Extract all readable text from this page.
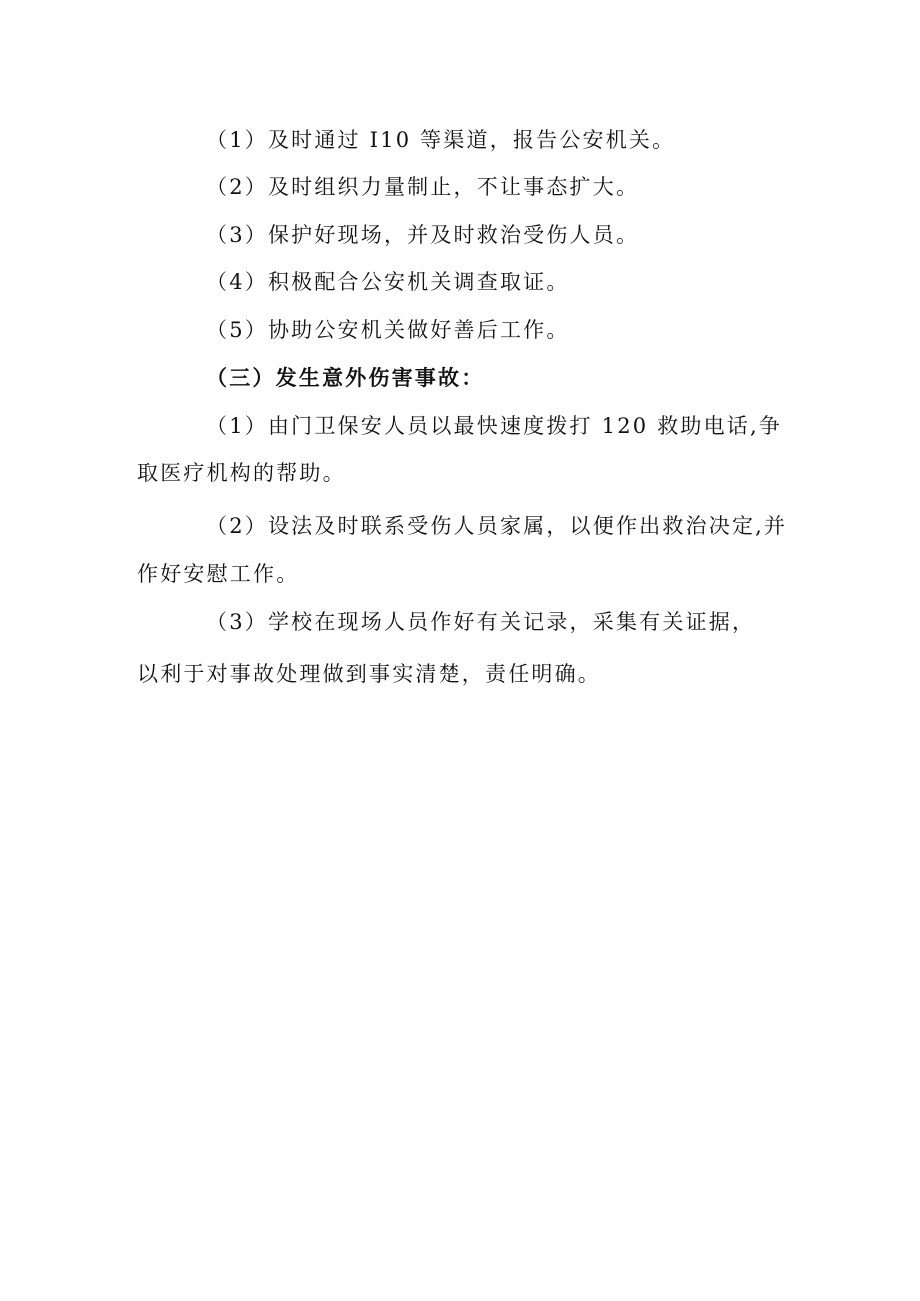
（1）及时通过 I10 等渠道，报告公安机关。
（2）及时组织力量制止，不让事态扩大。
（3）保护好现场，并及时救治受伤人员。
（4）积极配合公安机关调查取证。
（5）协助公安机关做好善后工作。
（三）发生意外伤害事故：
（1）由门卫保安人员以最快速度拨打 120 救助电话,争
取医疗机构的帮助。
（2）设法及时联系受伤人员家属，以便作出救治决定,并
作好安慰工作。
（3）学校在现场人员作好有关记录，采集有关证据，
以利于对事故处理做到事实清楚，责任明确。
